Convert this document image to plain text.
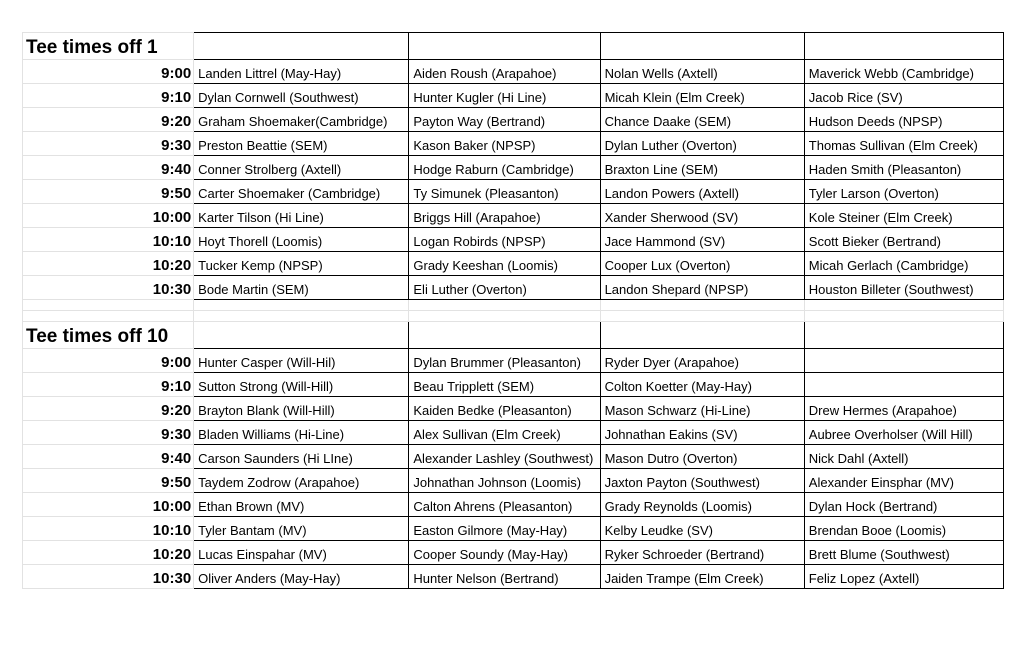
Tee times off 1				
9:00	Landen Littrel (May-Hay)	Aiden Roush (Arapahoe)	Nolan Wells (Axtell)	Maverick Webb (Cambridge)
9:10	Dylan Cornwell (Southwest)	Hunter Kugler (Hi Line)	Micah Klein (Elm Creek)	Jacob Rice (SV)
9:20	Graham Shoemaker(Cambridge)	Payton Way (Bertrand)	Chance Daake (SEM)	Hudson Deeds (NPSP)
9:30	Preston Beattie (SEM)	Kason Baker (NPSP)	Dylan Luther (Overton)	Thomas Sullivan (Elm Creek)
9:40	Conner Strolberg (Axtell)	Hodge Raburn (Cambridge)	Braxton Line (SEM)	Haden Smith (Pleasanton)
9:50	Carter Shoemaker (Cambridge)	Ty Simunek (Pleasanton)	Landon Powers (Axtell)	Tyler Larson (Overton)
10:00	Karter Tilson (Hi Line)	Briggs Hill (Arapahoe)	Xander Sherwood (SV)	Kole Steiner (Elm Creek)
10:10	Hoyt Thorell (Loomis)	Logan Robirds (NPSP)	Jace Hammond (SV)	Scott Bieker (Bertrand)
10:20	Tucker Kemp (NPSP)	Grady Keeshan (Loomis)	Cooper Lux (Overton)	Micah Gerlach (Cambridge)
10:30	Bode Martin (SEM)	Eli Luther (Overton)	Landon Shepard (NPSP)	Houston Billeter (Southwest)

Tee times off 10				
9:00	Hunter Casper (Will-Hil)	Dylan Brummer (Pleasanton)	Ryder Dyer (Arapahoe)	
9:10	Sutton Strong (Will-Hill)	Beau Tripplett (SEM)	Colton Koetter (May-Hay)	
9:20	Brayton Blank (Will-Hill)	Kaiden Bedke (Pleasanton)	Mason Schwarz (Hi-Line)	Drew Hermes (Arapahoe)
9:30	Bladen Williams (Hi-Line)	Alex Sullivan (Elm Creek)	Johnathan Eakins (SV)	Aubree Overholser (Will Hill)
9:40	Carson Saunders (Hi LIne)	Alexander Lashley (Southwest)	Mason Dutro (Overton)	Nick Dahl (Axtell)
9:50	Taydem Zodrow (Arapahoe)	Johnathan Johnson (Loomis)	Jaxton Payton (Southwest)	Alexander Einsphar (MV)
10:00	Ethan Brown (MV)	Calton Ahrens (Pleasanton)	Grady Reynolds (Loomis)	Dylan Hock (Bertrand)
10:10	Tyler Bantam (MV)	Easton Gilmore (May-Hay)	Kelby Leudke (SV)	Brendan Booe (Loomis)
10:20	Lucas Einspahar (MV)	Cooper Soundy (May-Hay)	Ryker Schroeder (Bertrand)	Brett Blume (Southwest)
10:30	Oliver Anders (May-Hay)	Hunter Nelson (Bertrand)	Jaiden Trampe (Elm Creek)	Feliz Lopez (Axtell)
